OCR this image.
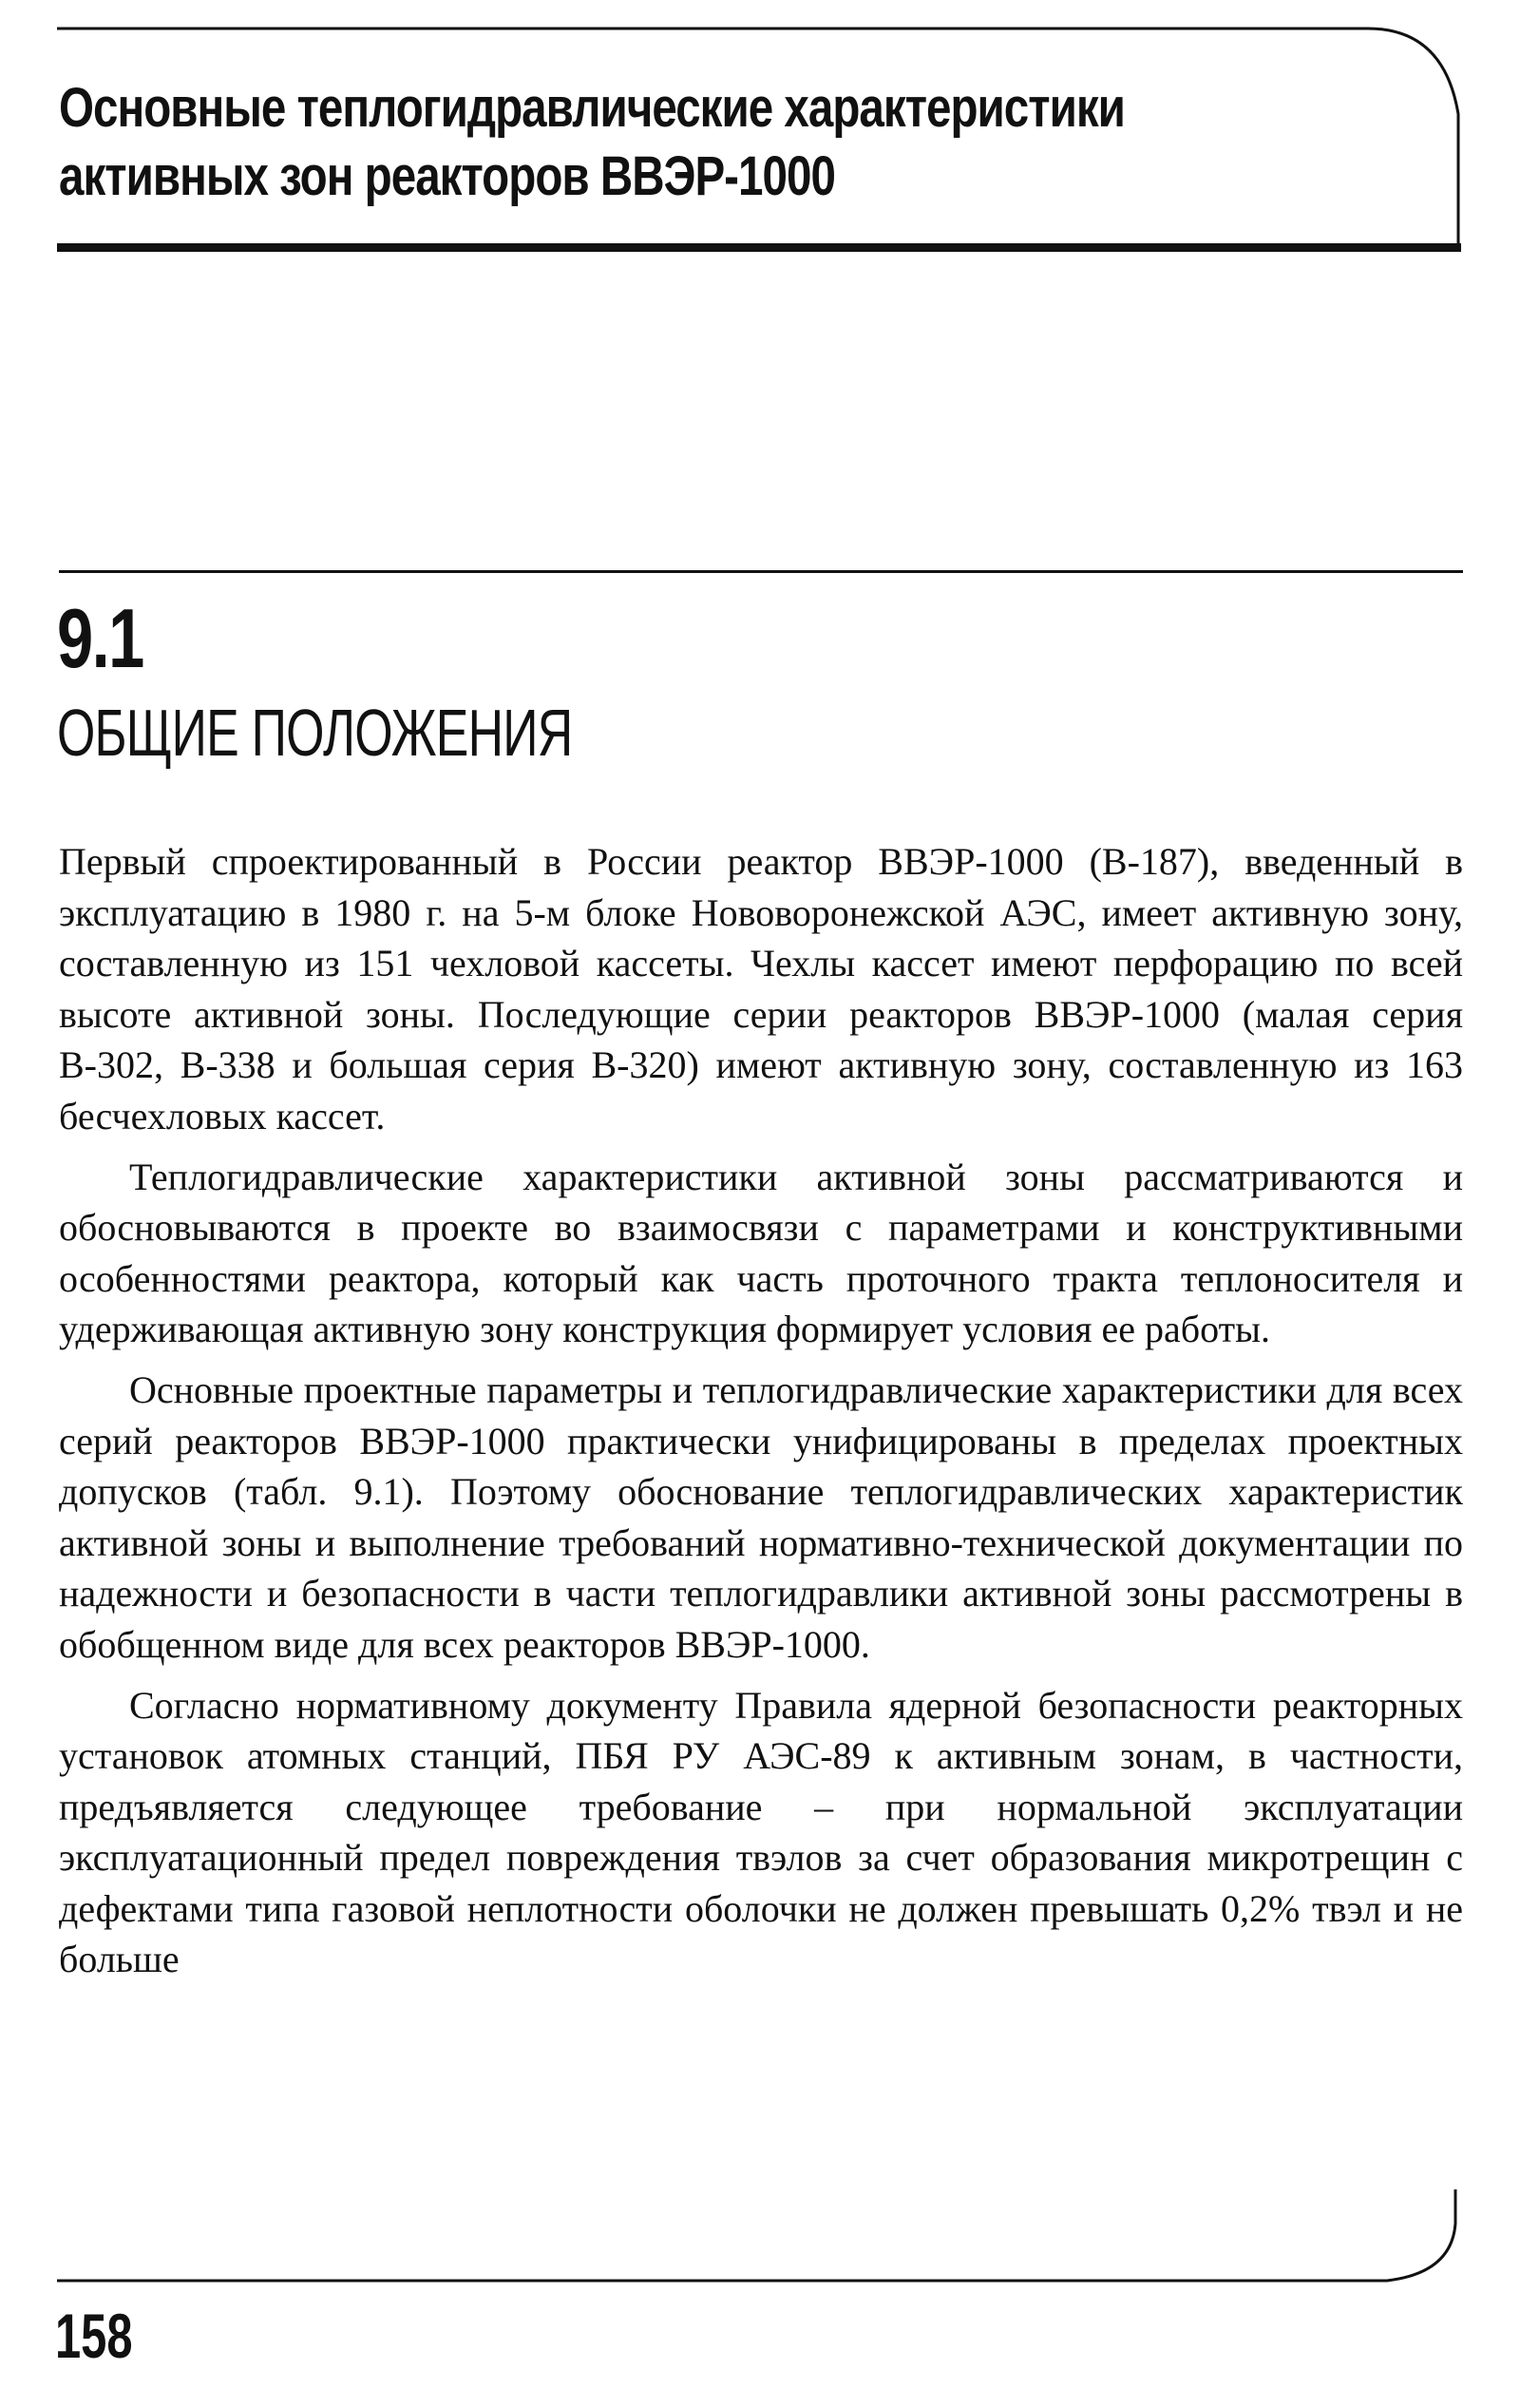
Основные теплогидравлические характеристики
активных зон реакторов ВВЭР-1000
9.1
ОБЩИЕ ПОЛОЖЕНИЯ

Первый спроектированный в России реактор ВВЭР-1000 (В-187), введенный в эксплуатацию в 1980 г. на 5-м блоке Нововоронежской АЭС, имеет активную зону, составленную из 151 чехловой кассеты. Чехлы кассет имеют перфорацию по всей высоте активной зоны. Последующие серии реакторов ВВЭР-1000 (малая серия В-302, В-338 и большая серия В-320) имеют активную зону, составленную из 163 бесчехловых кассет.

Теплогидравлические характеристики активной зоны рассматриваются и обосновываются в проекте во взаимосвязи с параметрами и конструктивными особенностями реактора, который как часть проточного тракта теплоносителя и удерживающая активную зону конструкция формирует условия ее работы.

Основные проектные параметры и теплогидравлические характеристики для всех серий реакторов ВВЭР-1000 практически унифицированы в пределах проектных допусков (табл. 9.1). Поэтому обоснование теплогидравлических характеристик активной зоны и выполнение требований нормативно-технической документации по надежности и безопасности в части теплогидравлики активной зоны рассмотрены в обобщенном виде для всех реакторов ВВЭР-1000.

Согласно нормативному документу Правила ядерной безопасности реакторных установок атомных станций, ПБЯ РУ АЭС-89 к активным зонам, в частности, предъявляется следующее требование – при нормальной эксплуатации эксплуатационный предел повреждения твэлов за счет образования микротрещин с дефектами типа газовой неплотности оболочки не должен превышать 0,2% твэл и не больше

158
